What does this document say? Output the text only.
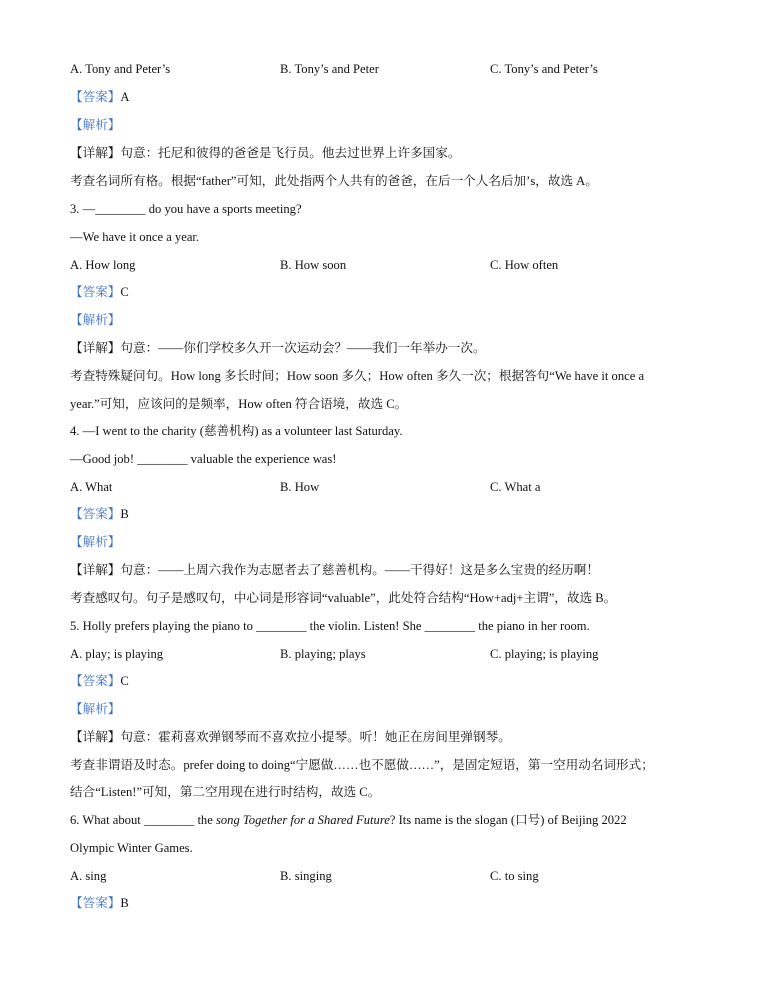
A. Tony and Peter’s	B. Tony’s and Peter	C. Tony’s and Peter’s
【答案】A
【解析】
【详解】句意：托尼和彼得的爸爸是飞行员。他去过世界上许多国家。
考查名词所有格。根据“father”可知，此处指两个人共有的爸爸，在后一个人名后加’s，故选 A。
3. —________ do you have a sports meeting?
—We have it once a year.
A. How long	B. How soon	C. How often
【答案】C
【解析】
【详解】句意：——你们学校多久开一次运动会？——我们一年举办一次。
考查特殊疑问句。How long 多长时间；How soon 多久；How often 多久一次；根据答句“We have it once a
year.”可知，应该问的是频率，How often 符合语境，故选 C。
4. —I went to the charity (慈善机构) as a volunteer last Saturday.
—Good job! ________ valuable the experience was!
A. What	B. How	C. What a
【答案】B
【解析】
【详解】句意：——上周六我作为志愿者去了慈善机构。——干得好！这是多么宝贵的经历啊！
考查感叹句。句子是感叹句，中心词是形容词“valuable”，此处符合结构“How+adj+主谓”，故选 B。
5. Holly prefers playing the piano to ________ the violin. Listen! She ________ the piano in her room.
A. play; is playing	B. playing; plays	C. playing; is playing
【答案】C
【解析】
【详解】句意：霍莉喜欢弹钢琴而不喜欢拉小提琴。听！她正在房间里弹钢琴。
考查非谓语及时态。prefer doing to doing“宁愿做……也不愿做……”，是固定短语，第一空用动名词形式；
结合“Listen!”可知，第二空用现在进行时结构，故选 C。
6. What about ________ the song Together for a Shared Future? Its name is the slogan (口号) of Beijing 2022
Olympic Winter Games.
A. sing	B. singing	C. to sing
【答案】B
